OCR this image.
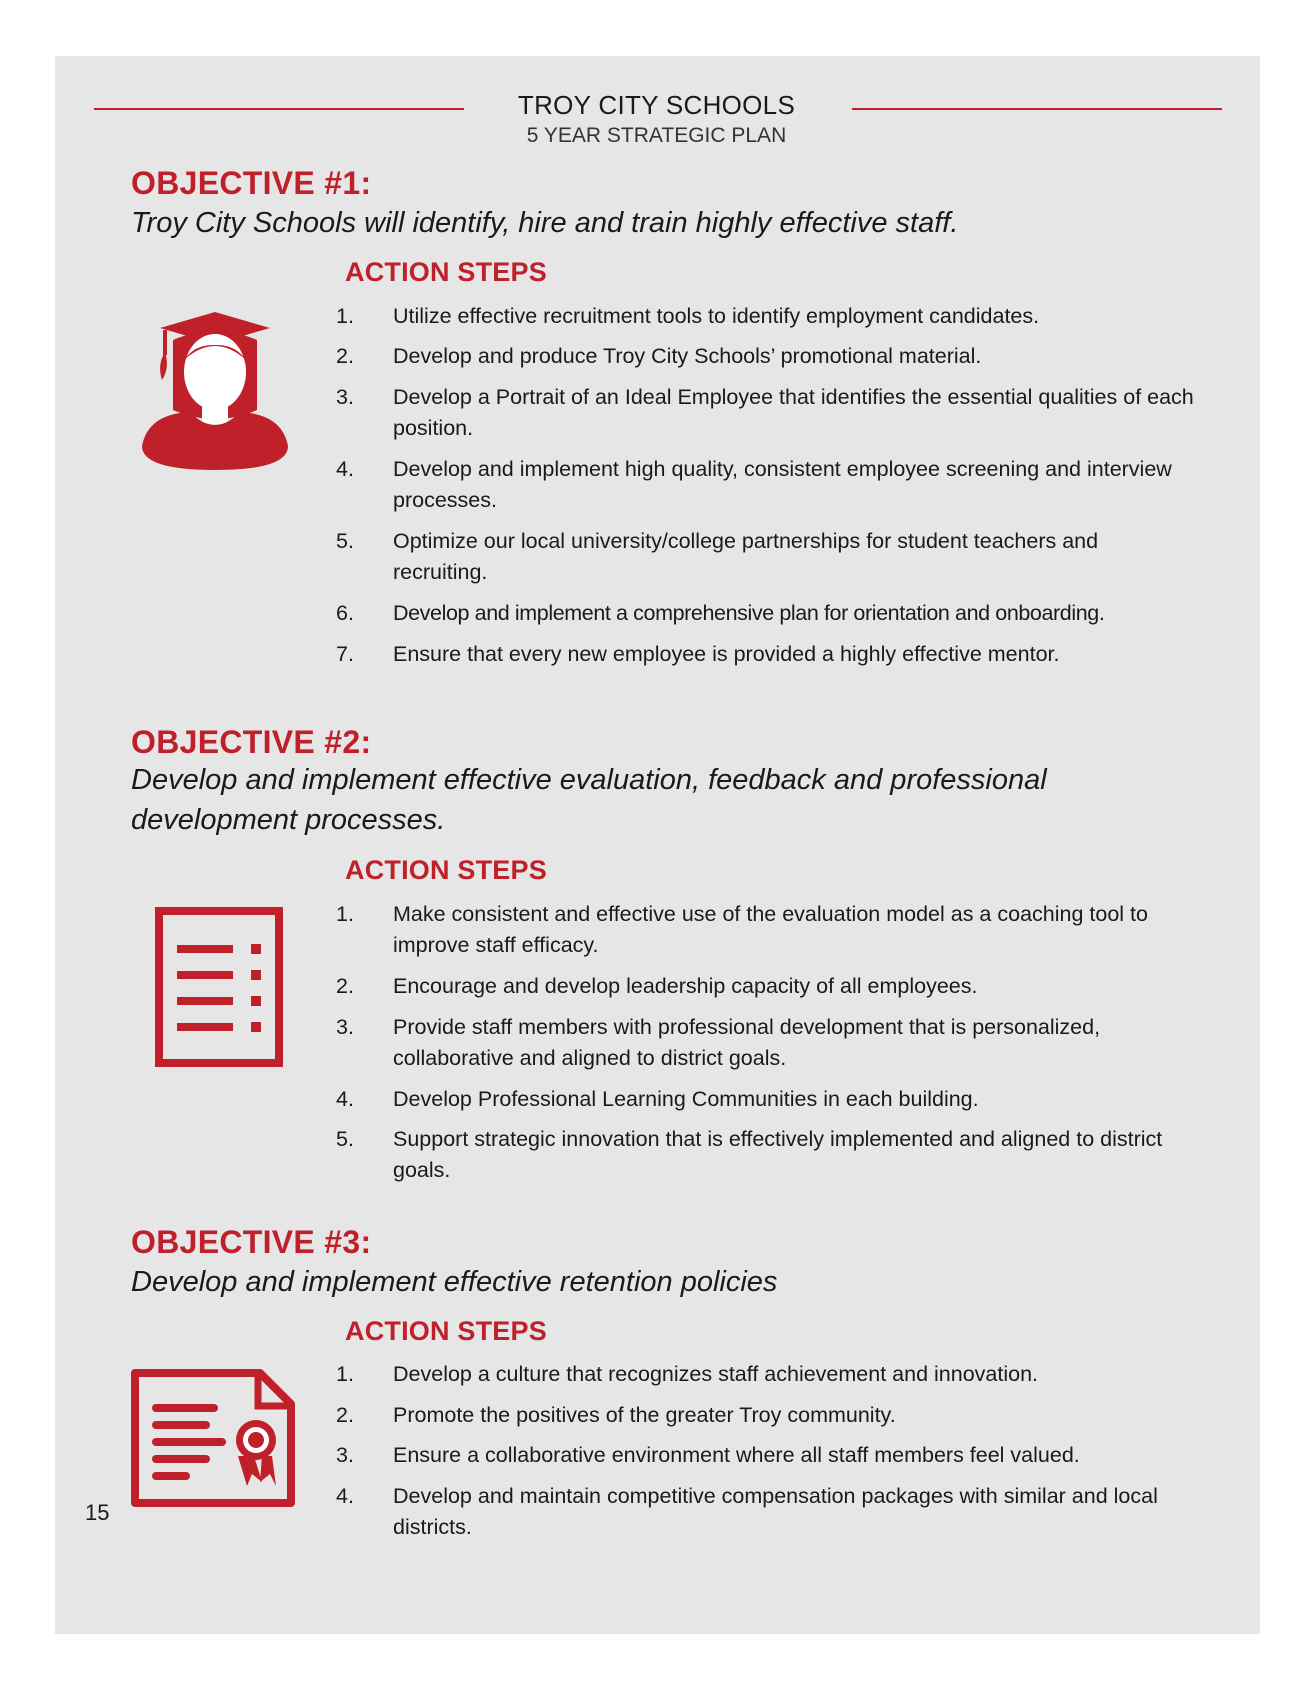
TROY CITY SCHOOLS
5 YEAR STRATEGIC PLAN
OBJECTIVE #1:
Troy City Schools will identify, hire and train highly effective staff.
ACTION STEPS
1. Utilize effective recruitment tools to identify employment candidates.
2. Develop and produce Troy City Schools’ promotional material.
3. Develop a Portrait of an Ideal Employee that identifies the essential qualities of each position.
4. Develop and implement high quality, consistent employee screening and interview processes.
5. Optimize our local university/college partnerships for student teachers and recruiting.
6. Develop and implement a comprehensive plan for orientation and onboarding.
7. Ensure that every new employee is provided a highly effective mentor.
OBJECTIVE #2:
Develop and implement effective evaluation, feedback and professional development processes.
ACTION STEPS
1. Make consistent and effective use of the evaluation model as a coaching tool to improve staff efficacy.
2. Encourage and develop leadership capacity of all employees.
3. Provide staff members with professional development that is personalized, collaborative and aligned to district goals.
4. Develop Professional Learning Communities in each building.
5. Support strategic innovation that is effectively implemented and aligned to district goals.
OBJECTIVE #3:
Develop and implement effective retention policies
ACTION STEPS
1. Develop a culture that recognizes staff achievement and innovation.
2. Promote the positives of the greater Troy community.
3. Ensure a collaborative environment where all staff members feel valued.
4. Develop and maintain competitive compensation packages with similar and local districts.
15
